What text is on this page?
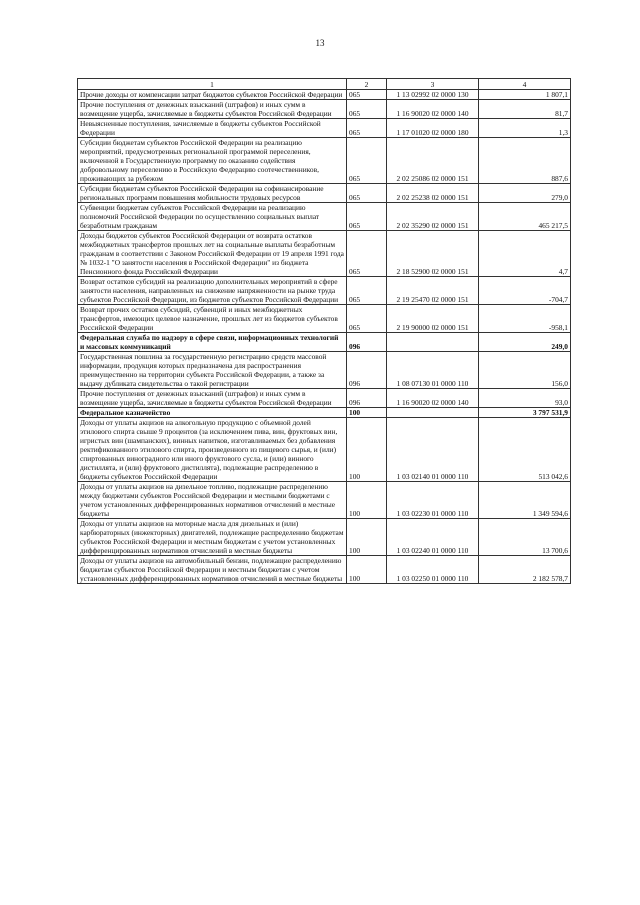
13
1	2	3	4
Прочие доходы от компенсации затрат бюджетов субъектов Российской Федерации	065	1 13 02992 02 0000 130	1 807,1
Прочие поступления от денежных взысканий (штрафов) и иных сумм в возмещение ущерба, зачисляемые в бюджеты субъектов Российской Федерации	065	1 16 90020 02 0000 140	81,7
Невыясненные поступления, зачисляемые в бюджеты субъектов Российской Федерации	065	1 17 01020 02 0000 180	1,3
Субсидии бюджетам субъектов Российской Федерации на реализацию мероприятий, предусмотренных региональной программой переселения, включенной в Государственную программу по оказанию содействия добровольному переселению в Российскую Федерацию соотечественников, проживающих за рубежом	065	2 02 25086 02 0000 151	887,6
Субсидии бюджетам субъектов Российской Федерации на софинансирование региональных программ повышения мобильности трудовых ресурсов	065	2 02 25238 02 0000 151	279,0
Субвенции бюджетам субъектов Российской Федерации на реализацию полномочий Российской Федерации по осуществлению социальных выплат безработным гражданам	065	2 02 35290 02 0000 151	465 217,5
Доходы бюджетов субъектов Российской Федерации от возврата остатков межбюджетных трансфертов прошлых лет на социальные выплаты безработным гражданам в соответствии с Законом Российской Федерации от 19 апреля 1991 года № 1032-1 "О занятости населения в Российской Федерации" из бюджета Пенсионного фонда Российской Федерации	065	2 18 52900 02 0000 151	4,7
Возврат остатков субсидий на реализацию дополнительных мероприятий в сфере занятости населения, направленных на снижение напряженности на рынке труда субъектов Российской Федерации, из бюджетов субъектов Российской Федерации	065	2 19 25470 02 0000 151	-704,7
Возврат прочих остатков субсидий, субвенций и иных межбюджетных трансфертов, имеющих целевое назначение, прошлых лет из бюджетов субъектов Российской Федерации	065	2 19 90000 02 0000 151	-958,1
Федеральная служба по надзору в сфере связи, информационных технологий и массовых коммуникаций	096		249,0
Государственная пошлина за государственную регистрацию средств массовой информации, продукция которых предназначена для распространения преимущественно на территории субъекта Российской Федерации, а также за выдачу дубликата свидетельства о такой регистрации	096	1 08 07130 01 0000 110	156,0
Прочие поступления от денежных взысканий (штрафов) и иных сумм в возмещение ущерба, зачисляемые в бюджеты субъектов Российской Федерации	096	1 16 90020 02 0000 140	93,0
Федеральное казначейство	100		3 797 531,9
Доходы от уплаты акцизов на алкогольную продукцию с объемной долей этилового спирта свыше 9 процентов (за исключением пива, вин, фруктовых вин, игристых вин (шампанских), винных напитков, изготавливаемых без добавления ректификованного этилового спирта, произведенного из пищевого сырья, и (или) спиртованных виноградного или иного фруктового сусла, и (или) винного дистиллята, и (или) фруктового дистиллята), подлежащие распределению в бюджеты субъектов Российской Федерации	100	1 03 02140 01 0000 110	513 042,6
Доходы от уплаты акцизов на дизельное топливо, подлежащие распределению между бюджетами субъектов Российской Федерации и местными бюджетами с учетом установленных дифференцированных нормативов отчислений в местные бюджеты	100	1 03 02230 01 0000 110	1 349 594,6
Доходы от уплаты акцизов на моторные масла для дизельных и (или) карбюраторных (инжекторных) двигателей, подлежащие распределению бюджетам субъектов Российской Федерации и местным бюджетам с учетом установленных дифференцированных нормативов отчислений в местные бюджеты	100	1 03 02240 01 0000 110	13 700,6
Доходы от уплаты акцизов на автомобильный бензин, подлежащие распределению бюджетам субъектов Российской Федерации и местным бюджетам с учетом установленных дифференцированных нормативов отчислений в местные бюджеты	100	1 03 02250 01 0000 110	2 182 578,7
